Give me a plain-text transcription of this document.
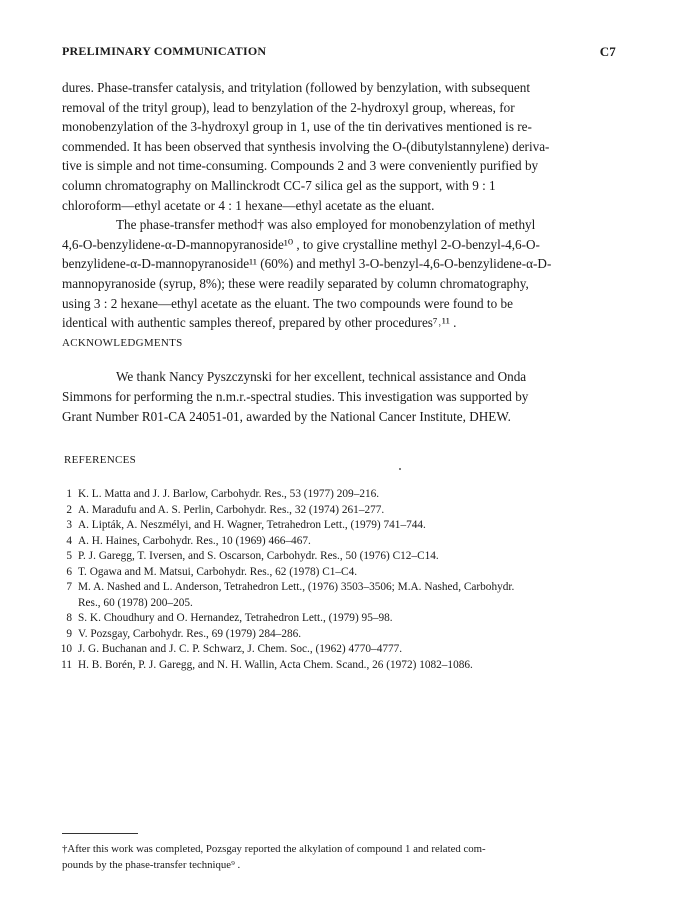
PRELIMINARY COMMUNICATION	C7
dures. Phase-transfer catalysis, and tritylation (followed by benzylation, with subsequent
removal of the trityl group), lead to benzylation of the 2-hydroxyl group, whereas, for
monobenzylation of the 3-hydroxyl group in 1, use of the tin derivatives mentioned is re-
commended. It has been observed that synthesis involving the O-(dibutylstannylene) deriva-
tive is simple and not time-consuming. Compounds 2 and 3 were conveniently purified by
column chromatography on Mallinckrodt CC-7 silica gel as the support, with 9 : 1
chloroform—ethyl acetate or 4 : 1 hexane—ethyl acetate as the eluant.
The phase-transfer method† was also employed for monobenzylation of methyl
4,6-O-benzylidene-α-D-mannopyranoside¹⁰ , to give crystalline methyl 2-O-benzyl-4,6-O-
benzylidene-α-D-mannopyranoside¹¹ (60%) and methyl 3-O-benzyl-4,6-O-benzylidene-α-D-
mannopyranoside (syrup, 8%); these were readily separated by column chromatography,
using 3 : 2 hexane—ethyl acetate as the eluant. The two compounds were found to be
identical with authentic samples thereof, prepared by other procedures⁷˒¹¹ .
ACKNOWLEDGMENTS
We thank Nancy Pyszczynski for her excellent, technical assistance and Onda
Simmons for performing the n.m.r.-spectral studies. This investigation was supported by
Grant Number R01-CA 24051-01, awarded by the National Cancer Institute, DHEW.
REFERENCES
1 K. L. Matta and J. J. Barlow, Carbohydr. Res., 53 (1977) 209–216.
2 A. Maradufu and A. S. Perlin, Carbohydr. Res., 32 (1974) 261–277.
3 A. Lipták, A. Neszmélyi, and H. Wagner, Tetrahedron Lett., (1979) 741–744.
4 A. H. Haines, Carbohydr. Res., 10 (1969) 466–467.
5 P. J. Garegg, T. Iversen, and S. Oscarson, Carbohydr. Res., 50 (1976) C12–C14.
6 T. Ogawa and M. Matsui, Carbohydr. Res., 62 (1978) C1–C4.
7 M. A. Nashed and L. Anderson, Tetrahedron Lett., (1976) 3503–3506; M.A. Nashed, Carbohydr.
Res., 60 (1978) 200–205.
8 S. K. Choudhury and O. Hernandez, Tetrahedron Lett., (1979) 95–98.
9 V. Pozsgay, Carbohydr. Res., 69 (1979) 284–286.
10 J. G. Buchanan and J. C. P. Schwarz, J. Chem. Soc., (1962) 4770–4777.
11 H. B. Borén, P. J. Garegg, and N. H. Wallin, Acta Chem. Scand., 26 (1972) 1082–1086.
†After this work was completed, Pozsgay reported the alkylation of compound 1 and related com-
pounds by the phase-transfer technique⁹ .
